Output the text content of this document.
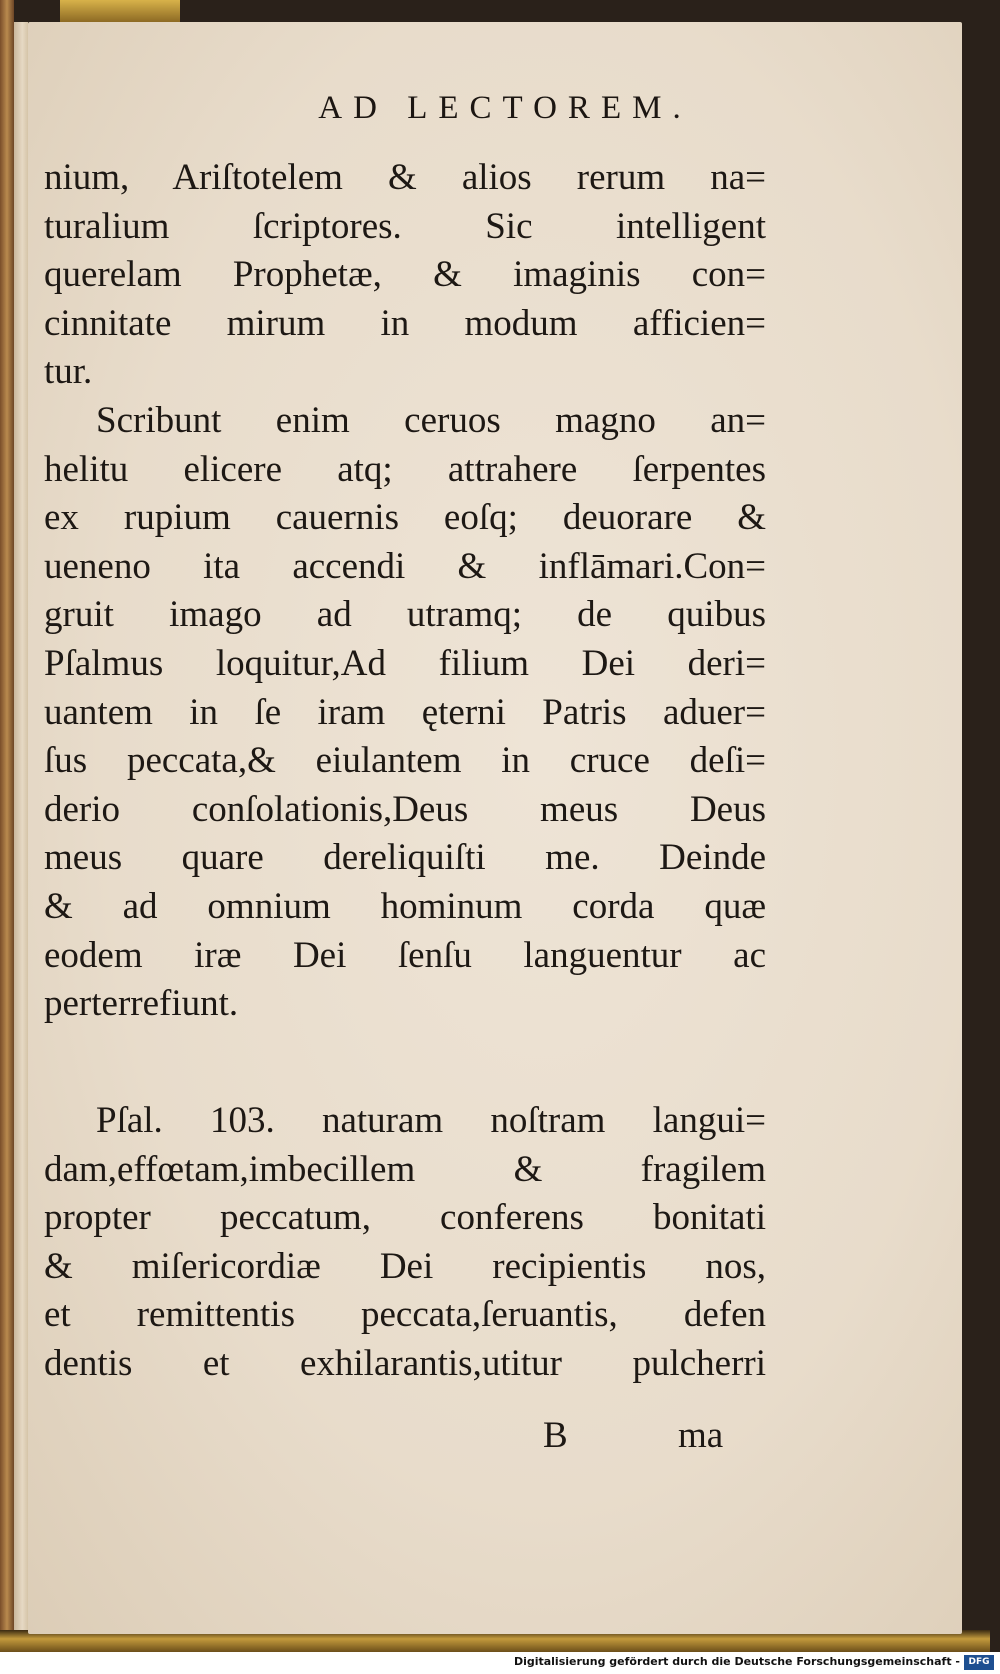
AD LECTOREM.
nium, Ariſtotelem & alios rerum na=
turalium ſcriptores. Sic intelligent
querelam Prophetæ, & imaginis con=
cinnitate mirum in modum afficien=
tur.
Scribunt enim ceruos magno an=
helitu elicere atq; attrahere ſerpentes
ex rupium cauernis eoſq; deuorare &
ueneno ita accendi & inflāmari.Con=
gruit imago ad utramq; de quibus
Pſalmus loquitur,Ad filium Dei deri=
uantem in ſe iram ęterni Patris aduer=
ſus peccata,& eiulantem in cruce deſi=
derio conſolationis,Deus meus Deus
meus quare dereliquiſti me. Deinde
& ad omnium hominum corda quæ
eodem iræ Dei ſenſu languentur ac
perterrefiunt.
Pſal. 103. naturam noſtram langui=
dam,effœtam,imbecillem & fragilem
propter peccatum, conferens bonitati
& miſericordiæ Dei recipientis nos,
et remittentis peccata,ſeruantis, defen
dentis et exhilarantis,utitur pulcherri
B	ma
Digitalisierung gefördert durch die Deutsche Forschungsgemeinschaft - DFG
